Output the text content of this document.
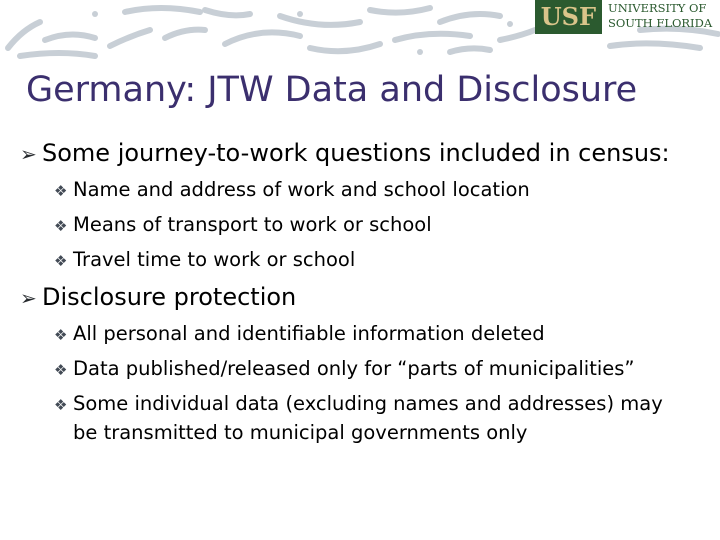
USF	UNIVERSITY OF
SOUTH FLORIDA
Germany: JTW Data and Disclosure
➢ Some journey-to-work questions included in census:
❖ Name and address of work and school location
❖ Means of transport to work or school
❖ Travel time to work or school
➢ Disclosure protection
❖ All personal and identifiable information deleted
❖ Data published/released only for “parts of municipalities”
❖ Some individual data (excluding names and addresses) may
be transmitted to municipal governments only
